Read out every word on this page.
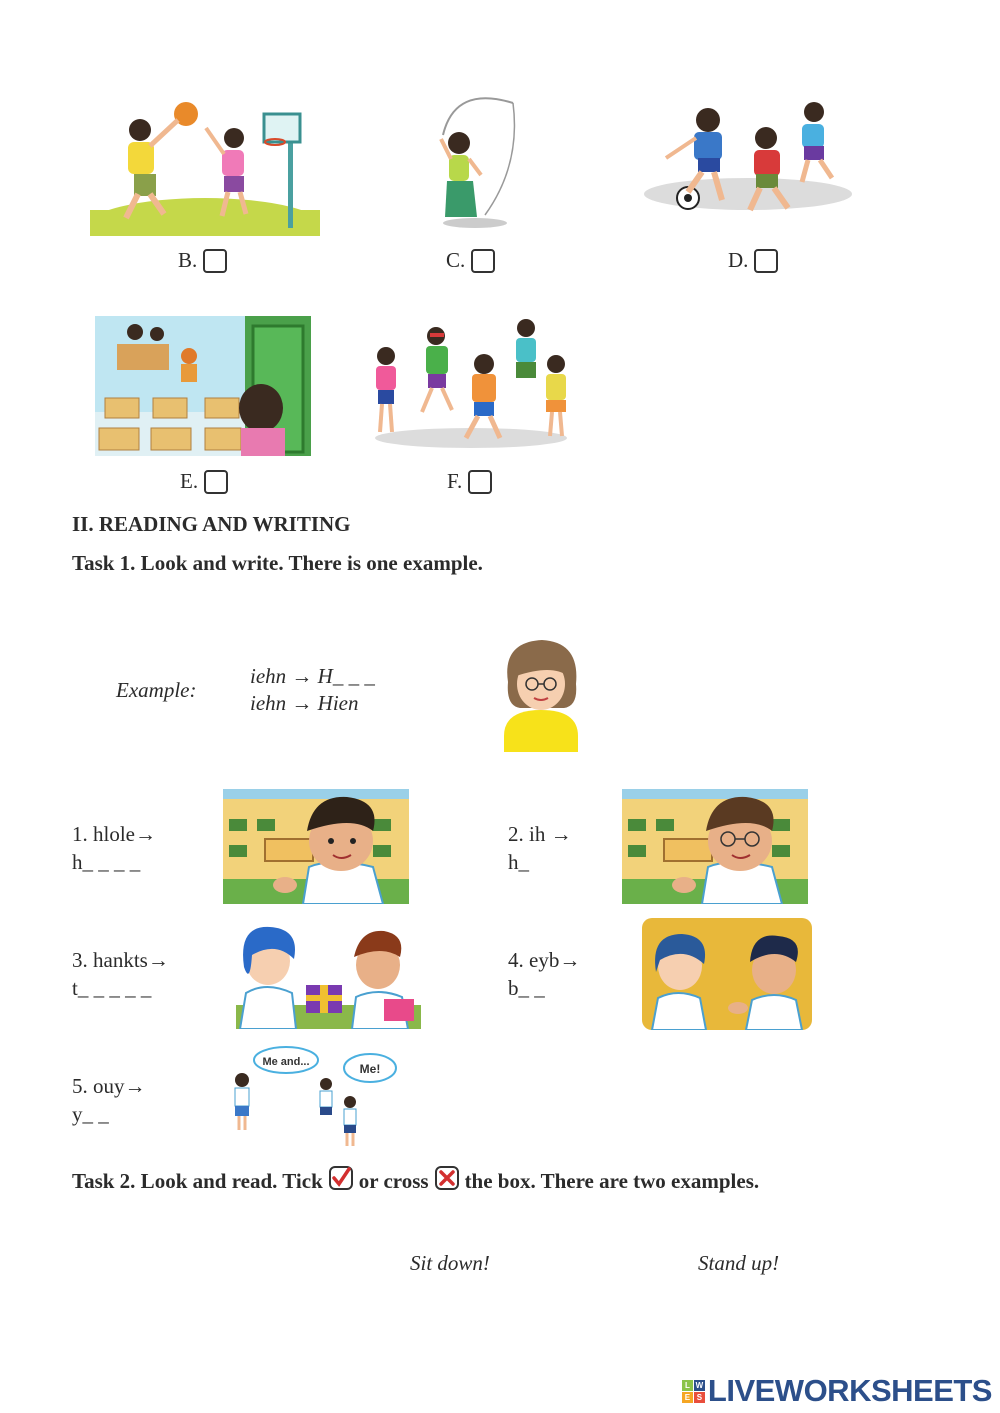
B.	C.	D.
E.	F.
II. READING AND WRITING
Task 1. Look and write. There is one example.
Example:
iehn → H_ _ _
iehn → Hien
1. hlole→
h_ _ _ _
2. ih →
h_
3. hankts→
t_ _ _ _ _
4. eyb→
b_ _
5. ouy→
y_ _
Me and...	Me!
Task 2. Look and read. Tick or cross the box. There are two examples.
Sit down!	Stand up!
L W
E S LIVEWORKSHEETS
